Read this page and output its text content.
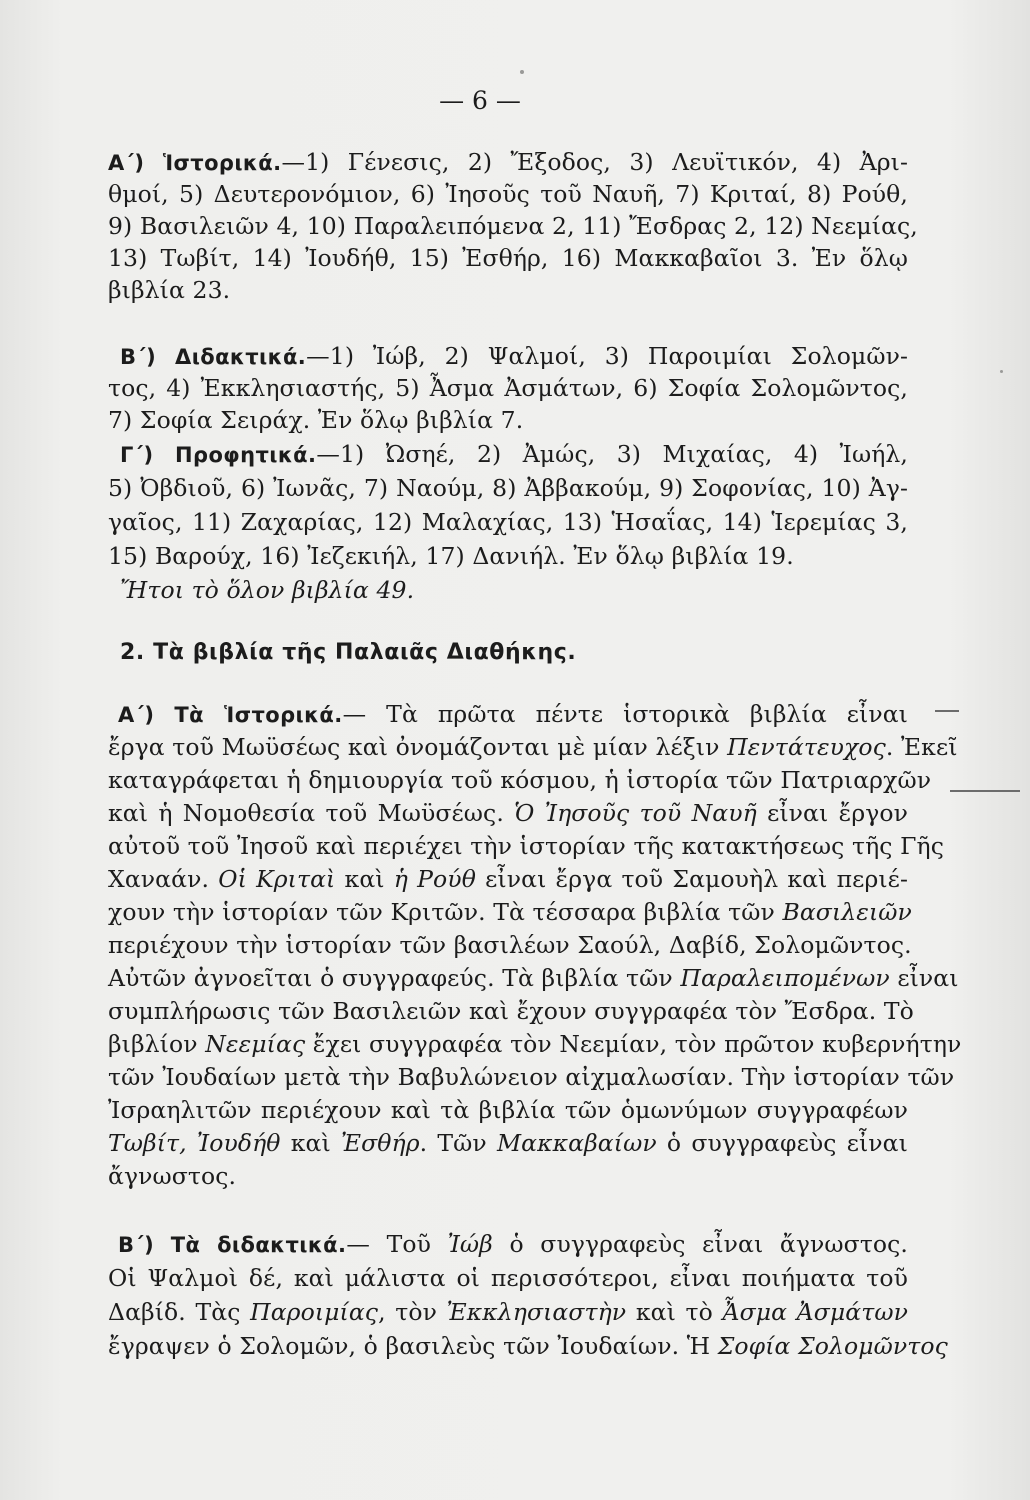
— 6 —
Α΄) Ἱστορικά.—1) Γένεσις, 2) Ἔξοδος, 3) Λευϊτικόν, 4) Ἀρι-
θμοί, 5) Δευτερονόμιον, 6) Ἰησοῦς τοῦ Ναυῆ, 7) Κριταί, 8) Ρούθ,
9) Βασιλειῶν 4, 10) Παραλειπόμενα 2, 11) Ἔσδρας 2, 12) Νεεμίας,
13) Τωβίτ, 14) Ἰουδήθ, 15) Ἐσθήρ, 16) Μακκαβαῖοι 3. Ἐν ὅλῳ
βιβλία 23.
Β΄) Διδακτικά.—1) Ἰώβ, 2) Ψαλμοί, 3) Παροιμίαι Σολομῶν-
τος, 4) Ἐκκλησιαστής, 5) Ἆσμα Ἀσμάτων, 6) Σοφία Σολομῶντος,
7) Σοφία Σειράχ. Ἐν ὅλῳ βιβλία 7.
Γ΄) Προφητικά.—1) Ὠσηέ, 2) Ἀμώς, 3) Μιχαίας, 4) Ἰωήλ,
5) Ὀβδιοῦ, 6) Ἰωνᾶς, 7) Ναούμ, 8) Ἀββακούμ, 9) Σοφονίας, 10) Ἀγ-
γαῖος, 11) Ζαχαρίας, 12) Μαλαχίας, 13) Ἡσαΐας, 14) Ἱερεμίας 3,
15) Βαρούχ, 16) Ἰεζεκιήλ, 17) Δανιήλ. Ἐν ὅλῳ βιβλία 19.
Ἤτοι τὸ ὅλον βιβλία 49.
2. Τὰ βιβλία τῆς Παλαιᾶς Διαθήκης.
Α΄) Τὰ Ἱστορικά.— Τὰ πρῶτα πέντε ἱστορικὰ βιβλία εἶναι
ἔργα τοῦ Μωϋσέως καὶ ὀνομάζονται μὲ μίαν λέξιν Πεντάτευχος. Ἐκεῖ
καταγράφεται ἡ δημιουργία τοῦ κόσμου, ἡ ἱστορία τῶν Πατριαρχῶν
καὶ ἡ Νομοθεσία τοῦ Μωϋσέως. Ὁ Ἰησοῦς τοῦ Ναυῆ εἶναι ἔργον
αὐτοῦ τοῦ Ἰησοῦ καὶ περιέχει τὴν ἱστορίαν τῆς κατακτήσεως τῆς Γῆς
Χαναάν. Οἱ Κριταὶ καὶ ἡ Ρούθ εἶναι ἔργα τοῦ Σαμουὴλ καὶ περιέ-
χουν τὴν ἱστορίαν τῶν Κριτῶν. Τὰ τέσσαρα βιβλία τῶν Βασιλειῶν
περιέχουν τὴν ἱστορίαν τῶν βασιλέων Σαούλ, Δαβίδ, Σολομῶντος.
Αὐτῶν ἀγνοεῖται ὁ συγγραφεύς. Τὰ βιβλία τῶν Παραλειπομένων εἶναι
συμπλήρωσις τῶν Βασιλειῶν καὶ ἔχουν συγγραφέα τὸν Ἔσδρα. Τὸ
βιβλίον Νεεμίας ἔχει συγγραφέα τὸν Νεεμίαν, τὸν πρῶτον κυβερνήτην
τῶν Ἰουδαίων μετὰ τὴν Βαβυλώνειον αἰχμαλωσίαν. Τὴν ἱστορίαν τῶν
Ἰσραηλιτῶν περιέχουν καὶ τὰ βιβλία τῶν ὁμωνύμων συγγραφέων
Τωβίτ, Ἰουδήθ καὶ Ἐσθήρ. Τῶν Μακκαβαίων ὁ συγγραφεὺς εἶναι
ἄγνωστος.
Β΄) Τὰ διδακτικά.— Τοῦ Ἰώβ ὁ συγγραφεὺς εἶναι ἄγνωστος.
Οἱ Ψαλμοὶ δέ, καὶ μάλιστα οἱ περισσότεροι, εἶναι ποιήματα τοῦ
Δαβίδ. Τὰς Παροιμίας, τὸν Ἐκκλησιαστὴν καὶ τὸ Ἆσμα Ἀσμάτων
ἔγραψεν ὁ Σολομῶν, ὁ βασιλεὺς τῶν Ἰουδαίων. Ἡ Σοφία Σολομῶντος
